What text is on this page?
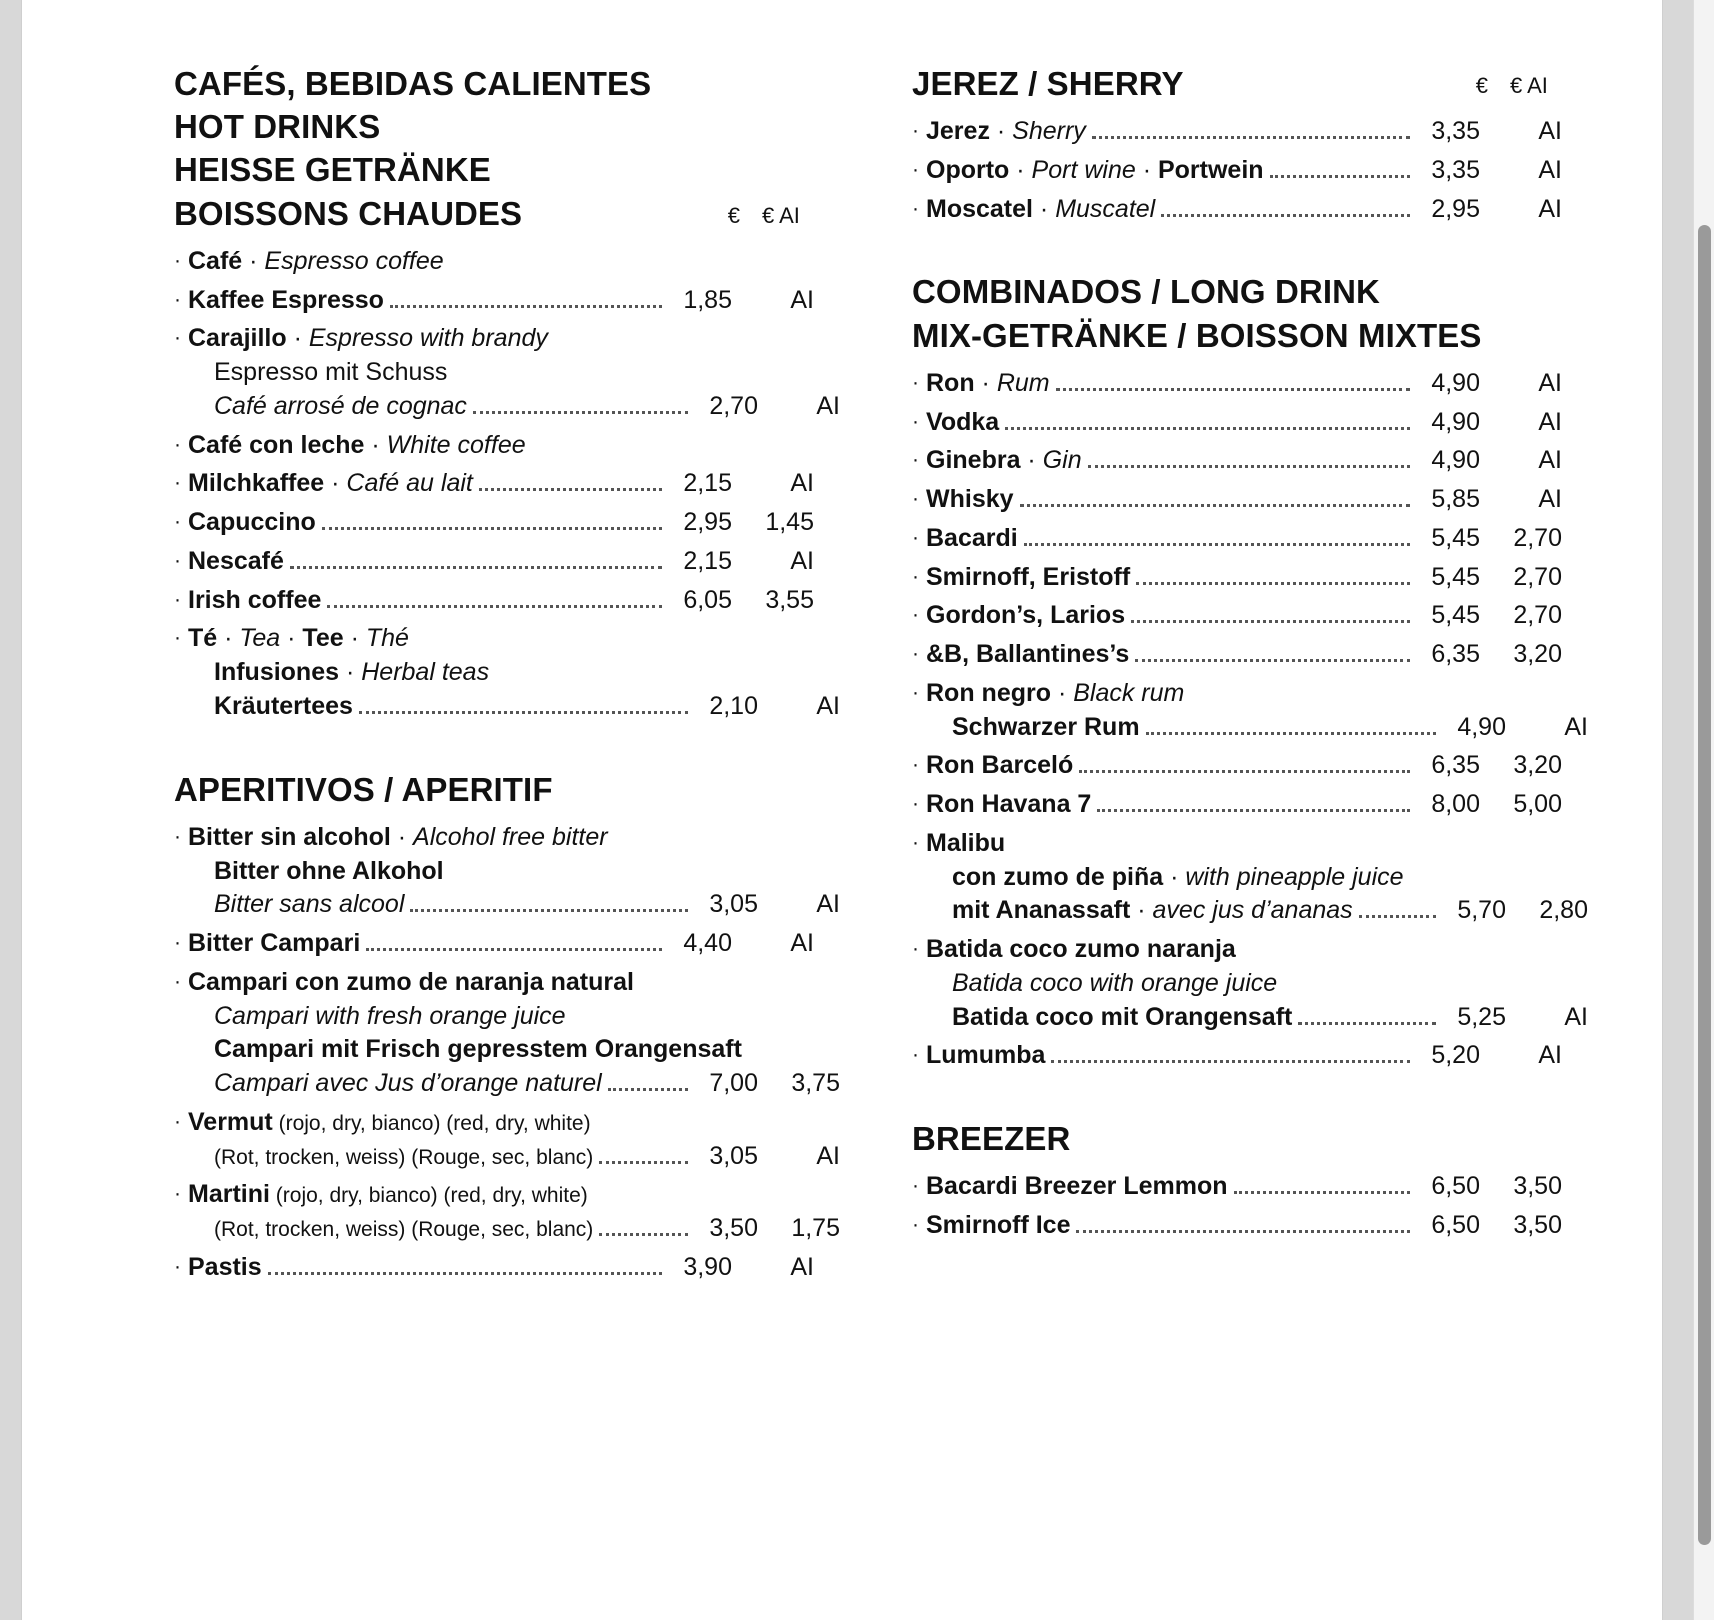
CAFÉS, BEBIDAS CALIENTES
HOT DRINKS
HEISSE GETRÄNKE
BOISSONS CHAUDES	€ € AI
· Café · Espresso coffee
· Kaffee Espresso	1,85	AI
· Carajillo · Espresso with brandy
Espresso mit Schuss
Café arrosé de cognac	2,70	AI
· Café con leche · White coffee
· Milchkaffee · Café au lait	2,15	AI
· Capuccino	2,95	1,45
· Nescafé	2,15	AI
· Irish coffee	6,05	3,55
· Té · Tea · Tee · Thé
Infusiones · Herbal teas
Kräutertees	2,10	AI
APERITIVOS / APERITIF
· Bitter sin alcohol · Alcohol free bitter
Bitter ohne Alkohol
Bitter sans alcool	3,05	AI
· Bitter Campari	4,40	AI
· Campari con zumo de naranja natural
Campari with fresh orange juice
Campari mit Frisch gepresstem Orangensaft
Campari avec Jus d’orange naturel	7,00	3,75
· Vermut (rojo, dry, bianco) (red, dry, white)
(Rot, trocken, weiss) (Rouge, sec, blanc)	3,05	AI
· Martini (rojo, dry, bianco) (red, dry, white)
(Rot, trocken, weiss) (Rouge, sec, blanc)	3,50	1,75
· Pastis	3,90	AI
JEREZ / SHERRY	€ € AI
· Jerez · Sherry	3,35	AI
· Oporto · Port wine · Portwein	3,35	AI
· Moscatel · Muscatel	2,95	AI
COMBINADOS / LONG DRINK
MIX-GETRÄNKE / BOISSON MIXTES
· Ron · Rum	4,90	AI
· Vodka	4,90	AI
· Ginebra · Gin	4,90	AI
· Whisky	5,85	AI
· Bacardi	5,45	2,70
· Smirnoff, Eristoff	5,45	2,70
· Gordon’s, Larios	5,45	2,70
· &B, Ballantines’s	6,35	3,20
· Ron negro · Black rum
Schwarzer Rum	4,90	AI
· Ron Barceló	6,35	3,20
· Ron Havana 7	8,00	5,00
· Malibu
con zumo de piña · with pineapple juice
mit Ananassaft · avec jus d’ananas	5,70	2,80
· Batida coco zumo naranja
Batida coco with orange juice
Batida coco mit Orangensaft	5,25	AI
· Lumumba	5,20	AI
BREEZER
· Bacardi Breezer Lemmon	6,50	3,50
· Smirnoff Ice	6,50	3,50
